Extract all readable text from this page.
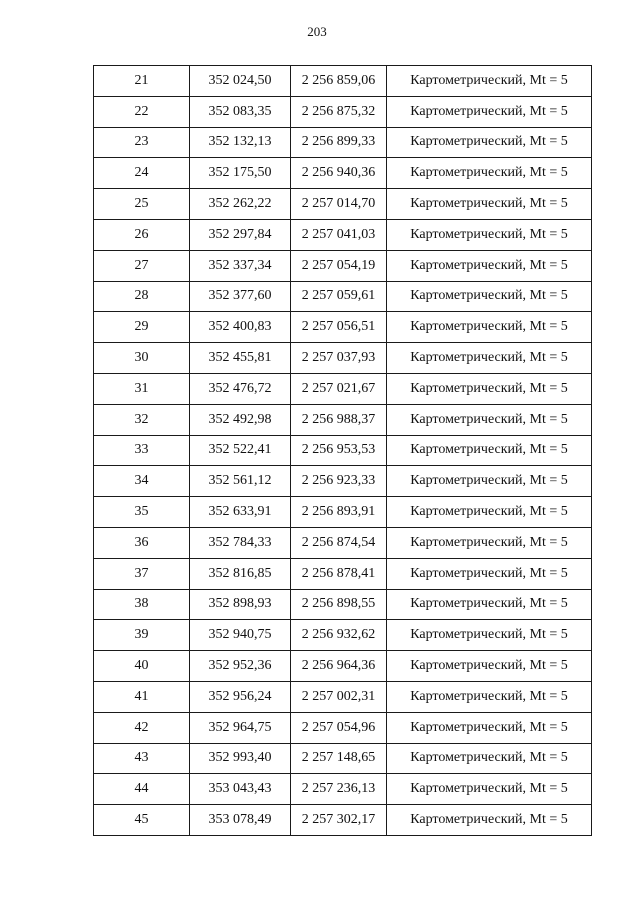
203
21	352 024,50	2 256 859,06	Картометрический, Mt = 5
22	352 083,35	2 256 875,32	Картометрический, Mt = 5
23	352 132,13	2 256 899,33	Картометрический, Mt = 5
24	352 175,50	2 256 940,36	Картометрический, Mt = 5
25	352 262,22	2 257 014,70	Картометрический, Mt = 5
26	352 297,84	2 257 041,03	Картометрический, Mt = 5
27	352 337,34	2 257 054,19	Картометрический, Mt = 5
28	352 377,60	2 257 059,61	Картометрический, Mt = 5
29	352 400,83	2 257 056,51	Картометрический, Mt = 5
30	352 455,81	2 257 037,93	Картометрический, Mt = 5
31	352 476,72	2 257 021,67	Картометрический, Mt = 5
32	352 492,98	2 256 988,37	Картометрический, Mt = 5
33	352 522,41	2 256 953,53	Картометрический, Mt = 5
34	352 561,12	2 256 923,33	Картометрический, Mt = 5
35	352 633,91	2 256 893,91	Картометрический, Mt = 5
36	352 784,33	2 256 874,54	Картометрический, Mt = 5
37	352 816,85	2 256 878,41	Картометрический, Mt = 5
38	352 898,93	2 256 898,55	Картометрический, Mt = 5
39	352 940,75	2 256 932,62	Картометрический, Mt = 5
40	352 952,36	2 256 964,36	Картометрический, Mt = 5
41	352 956,24	2 257 002,31	Картометрический, Mt = 5
42	352 964,75	2 257 054,96	Картометрический, Mt = 5
43	352 993,40	2 257 148,65	Картометрический, Mt = 5
44	353 043,43	2 257 236,13	Картометрический, Mt = 5
45	353 078,49	2 257 302,17	Картометрический, Mt = 5
